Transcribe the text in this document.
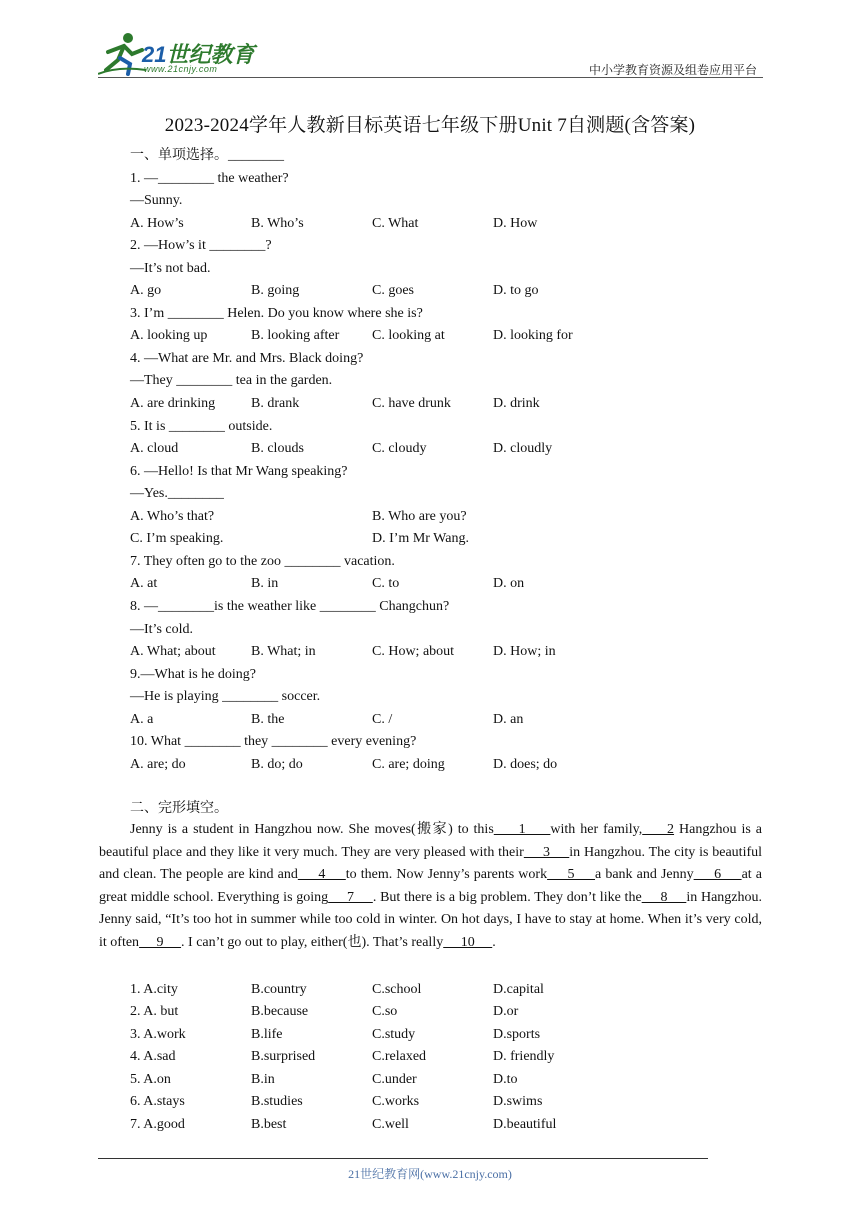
21世纪教育
www.21cnjy.com	中小学教育资源及组卷应用平台
2023-2024学年人教新目标英语七年级下册Unit 7自测题(含答案)
一、单项选择。________
1. —________ the weather?
—Sunny.
A. How’s	B. Who’s	C. What	D. How
2. —How’s it ________?
—It’s not bad.
A. go	B. going	C. goes	D. to go
3. I’m ________ Helen. Do you know where she is?
A. looking up	B. looking after C. looking at	D. looking for
4. —What are Mr. and Mrs. Black doing?
—They ________ tea in the garden.
A. are drinking	B. drank	C. have drunk	D. drink
5. It is ________ outside.
A. cloud	B. clouds	C. cloudy	D. cloudly
6. —Hello! Is that Mr Wang speaking?
—Yes.________
A. Who’s that?	B. Who are you?
C. I’m speaking.	D. I’m Mr Wang.
7. They often go to the zoo ________ vacation.
A. at	B. in	C. to	D. on
8. —________is the weather like ________ Changchun?
—It’s cold.
A. What; about	B. What; in	C. How; about	D. How; in
9.—What is he doing?
—He is playing ________ soccer.
A. a	B. the	C. /	D. an
10. What ________ they ________ every evening?
A. are; do	B. do; do	C. are; doing	D. does; do
二、完形填空。
Jenny is a student in Hangzhou now. She moves(搬家) to this     1     with her family,     2 Hangzhou is a beautiful place and they like it very much. They are very pleased with their     3     in Hangzhou. The city is beautiful and clean. The people are kind and     4     to them. Now Jenny’s parents work     5     a bank and Jenny     6     at a great middle school. Everything is going     7     . But there is a big problem. They don’t like the     8     in Hangzhou. Jenny said, “It’s too hot in summer while too cold in winter. On hot days, I have to stay at home. When it’s very cold, it often     9     . I can’t go out to play, either(也). That’s really     10     .
1. A.city	B.country	C.school	D.capital
2. A. but	B.because	C.so	D.or
3. A.work	B.life	C.study	D.sports
4. A.sad	B.surprised	C.relaxed	D. friendly
5. A.on	B.in	C.under	D.to
6. A.stays	B.studies	C.works	D.swims
7. A.good	B.best	C.well	D.beautiful
21世纪教育网(www.21cnjy.com)
